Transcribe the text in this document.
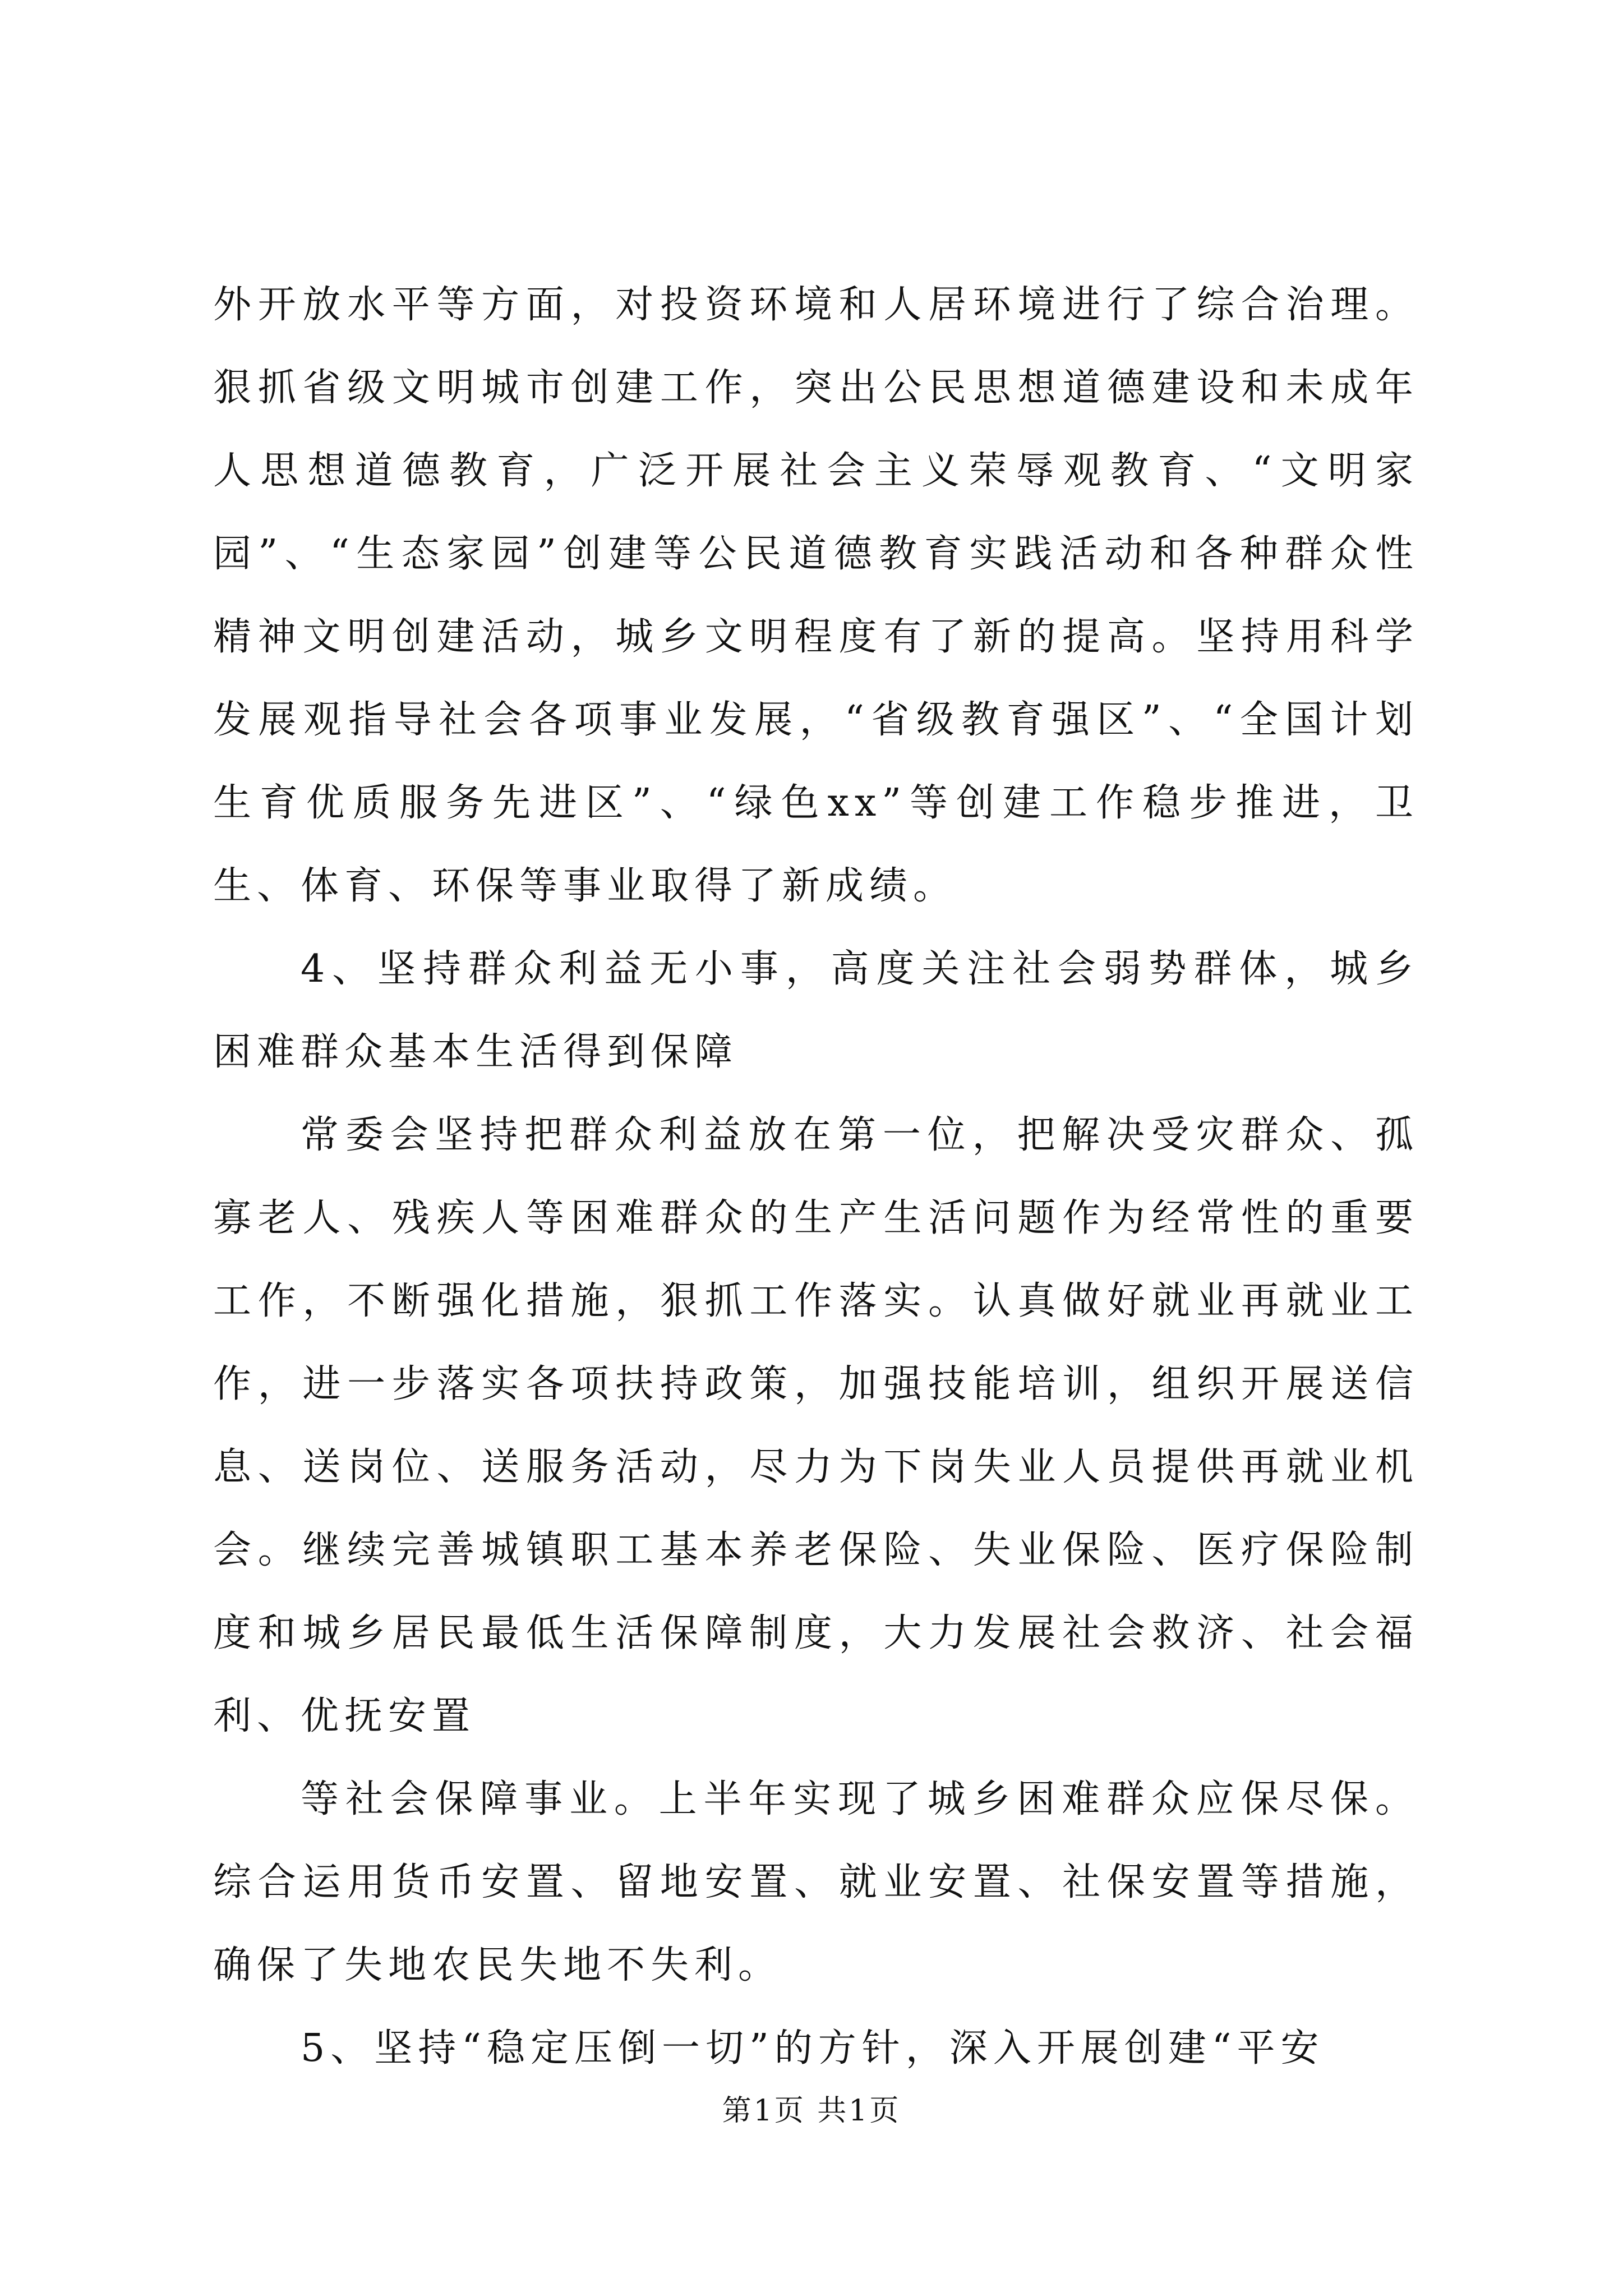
外开放水平等方面，对投资环境和人居环境进行了综合治理。狠抓省级文明城市创建工作，突出公民思想道德建设和未成年人思想道德教育，广泛开展社会主义荣辱观教育、“文明家园”、“生态家园”创建等公民道德教育实践活动和各种群众性精神文明创建活动，城乡文明程度有了新的提高。坚持用科学发展观指导社会各项事业发展，“省级教育强区”、“全国计划生育优质服务先进区”、“绿色xx”等创建工作稳步推进，卫生、体育、环保等事业取得了新成绩。

4、坚持群众利益无小事，高度关注社会弱势群体，城乡困难群众基本生活得到保障

常委会坚持把群众利益放在第一位，把解决受灾群众、孤寡老人、残疾人等困难群众的生产生活问题作为经常性的重要工作，不断强化措施，狠抓工作落实。认真做好就业再就业工作，进一步落实各项扶持政策，加强技能培训，组织开展送信息、送岗位、送服务活动，尽力为下岗失业人员提供再就业机会。继续完善城镇职工基本养老保险、失业保险、医疗保险制度和城乡居民最低生活保障制度，大力发展社会救济、社会福利、优抚安置

等社会保障事业。上半年实现了城乡困难群众应保尽保。综合运用货币安置、留地安置、就业安置、社保安置等措施，确保了失地农民失地不失利。

5、坚持“稳定压倒一切”的方针，深入开展创建“平安

第1页 共1页
